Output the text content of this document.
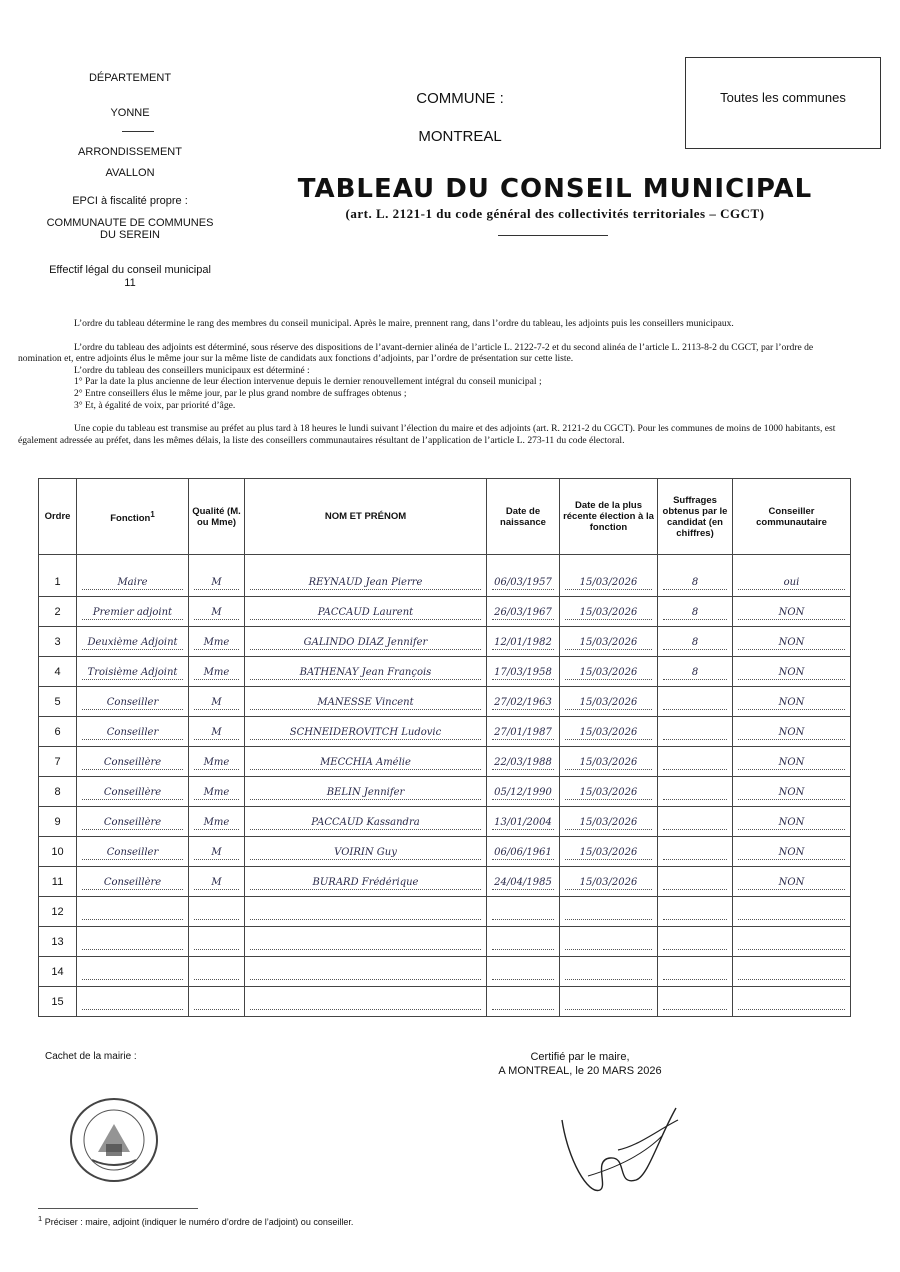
DÉPARTEMENT
YONNE
ARRONDISSEMENT
AVALLON
EPCI à fiscalité propre :
COMMUNAUTE DE COMMUNES DU SEREIN
Effectif légal du conseil municipal
11
COMMUNE :
MONTREAL
Toutes les communes
TABLEAU DU CONSEIL MUNICIPAL
(art. L. 2121-1 du code général des collectivités territoriales – CGCT)

L’ordre du tableau détermine le rang des membres du conseil municipal. Après le maire, prennent rang, dans l’ordre du tableau, les adjoints puis les conseillers municipaux.

L’ordre du tableau des adjoints est déterminé, sous réserve des dispositions de l’avant-dernier alinéa de l’article L. 2122-7-2 et du second alinéa de l’article L. 2113-8-2 du CGCT, par l’ordre de nomination et, entre adjoints élus le même jour sur la même liste de candidats aux fonctions d’adjoints, par l’ordre de présentation sur cette liste.

L’ordre du tableau des conseillers municipaux est déterminé :

1° Par la date la plus ancienne de leur élection intervenue depuis le dernier renouvellement intégral du conseil municipal ;

2° Entre conseillers élus le même jour, par le plus grand nombre de suffrages obtenus ;

3° Et, à égalité de voix, par priorité d’âge.

Une copie du tableau est transmise au préfet au plus tard à 18 heures le lundi suivant l’élection du maire et des adjoints (art. R. 2121-2 du CGCT). Pour les communes de moins de 1000 habitants, est également adressée au préfet, dans les mêmes délais, la liste des conseillers communautaires résultant de l’application de l’article L. 273-11 du code électoral.

Ordre	Fonction$^1$	Qualité (M. ou Mme)	NOM ET PRÉNOM	Date de naissance	Date de la plus récente élection à la fonction	Suffrages obtenus par le candidat (en chiffres)	Conseiller communautaire
1	Maire	M	REYNAUD Jean Pierre	06/03/1957	15/03/2026	8	oui

2	Premier adjoint	M	PACCAUD Laurent	26/03/1967	15/03/2026	8	NON

3	Deuxième Adjoint	Mme	GALINDO DIAZ Jennifer	12/01/1982	15/03/2026	8	NON

4	Troisième Adjoint	Mme	BATHENAY Jean François	17/03/1958	15/03/2026	8	NON

5	Conseiller	M	MANESSE Vincent	27/02/1963	15/03/2026		NON

6	Conseiller	M	SCHNEIDEROVITCH Ludovic	27/01/1987	15/03/2026		NON

7	Conseillère	Mme	MECCHIA Amélie	22/03/1988	15/03/2026		NON

8	Conseillère	Mme	BELIN Jennifer	05/12/1990	15/03/2026		NON

9	Conseillère	Mme	PACCAUD Kassandra	13/01/2004	15/03/2026		NON

10	Conseiller	M	VOIRIN Guy	06/06/1961	15/03/2026		NON

11	Conseillère	M	BURARD Frédérique	24/04/1985	15/03/2026		NON

12	

13	

14	

15	

Cachet de la mairie :	Certifié par le maire,
A MONTREAL, le 20 MARS 2026
$^1$ Préciser : maire, adjoint (indiquer le numéro d’ordre de l’adjoint) ou conseiller.
